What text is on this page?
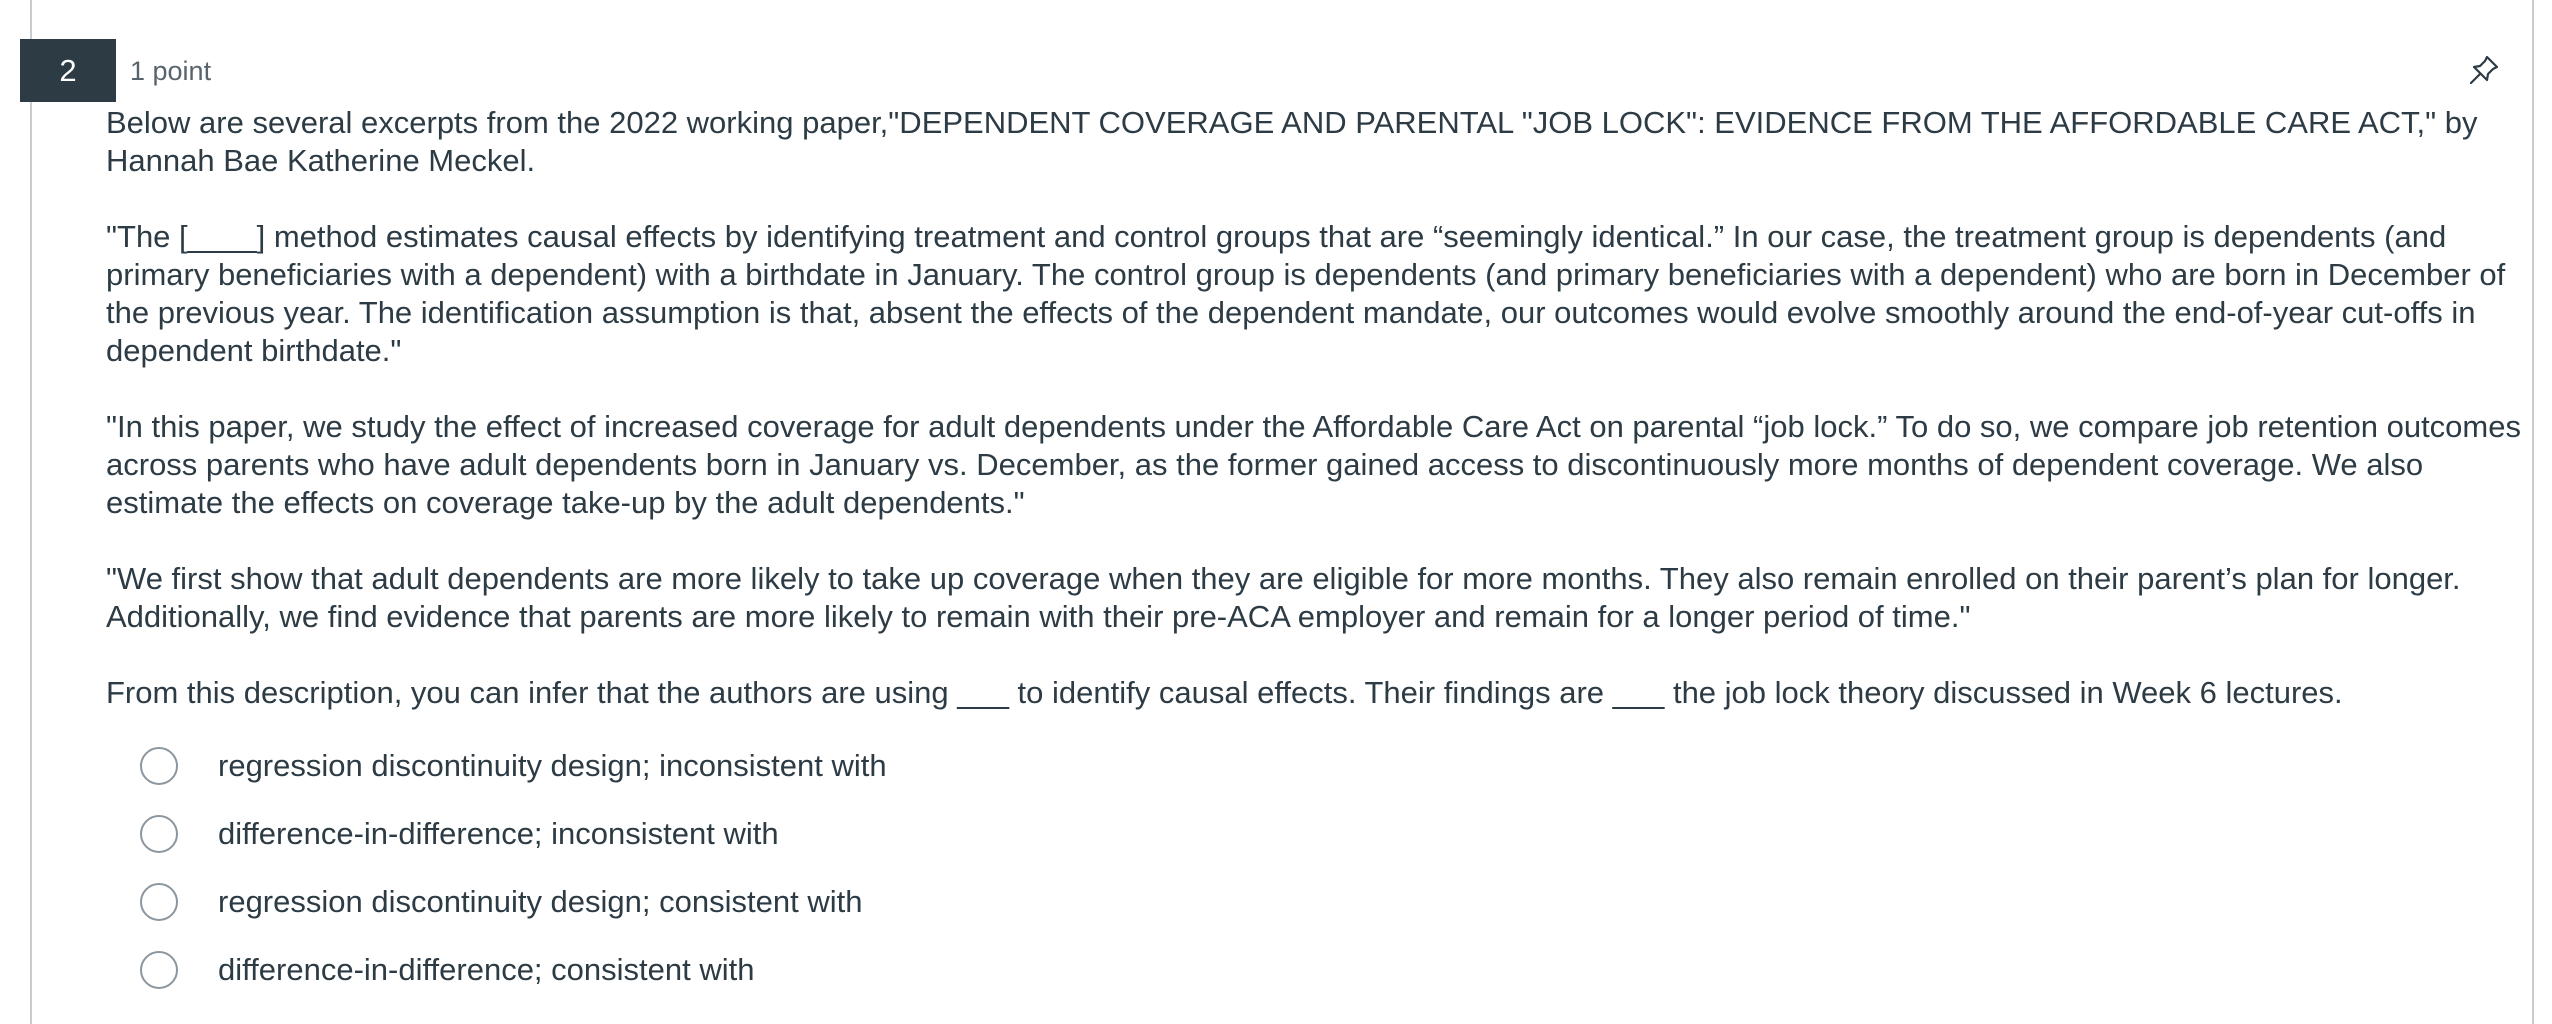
2	1 point

Below are several excerpts from the 2022 working paper,"DEPENDENT COVERAGE AND PARENTAL "JOB LOCK": EVIDENCE FROM THE AFFORDABLE CARE ACT," by Hannah Bae Katherine Meckel.

"The [____] method estimates causal effects by identifying treatment and control groups that are “seemingly identical.” In our case, the treatment group is dependents (and primary beneficiaries with a dependent) with a birthdate in January. The control group is dependents (and primary beneficiaries with a dependent) who are born in December of the previous year. The identification assumption is that, absent the effects of the dependent mandate, our outcomes would evolve smoothly around the end-of-year cut-offs in dependent birthdate."

"In this paper, we study the effect of increased coverage for adult dependents under the Affordable Care Act on parental “job lock.” To do so, we compare job retention outcomes across parents who have adult dependents born in January vs. December, as the former gained access to discontinuously more months of dependent coverage. We also estimate the effects on coverage take-up by the adult dependents."

"We first show that adult dependents are more likely to take up coverage when they are eligible for more months. They also remain enrolled on their parent’s plan for longer. Additionally, we find evidence that parents are more likely to remain with their pre-ACA employer and remain for a longer period of time."

From this description, you can infer that the authors are using ___ to identify causal effects. Their findings are ___ the job lock theory discussed in Week 6 lectures.

regression discontinuity design; inconsistent with
difference-in-difference; inconsistent with
regression discontinuity design; consistent with
difference-in-difference; consistent with
